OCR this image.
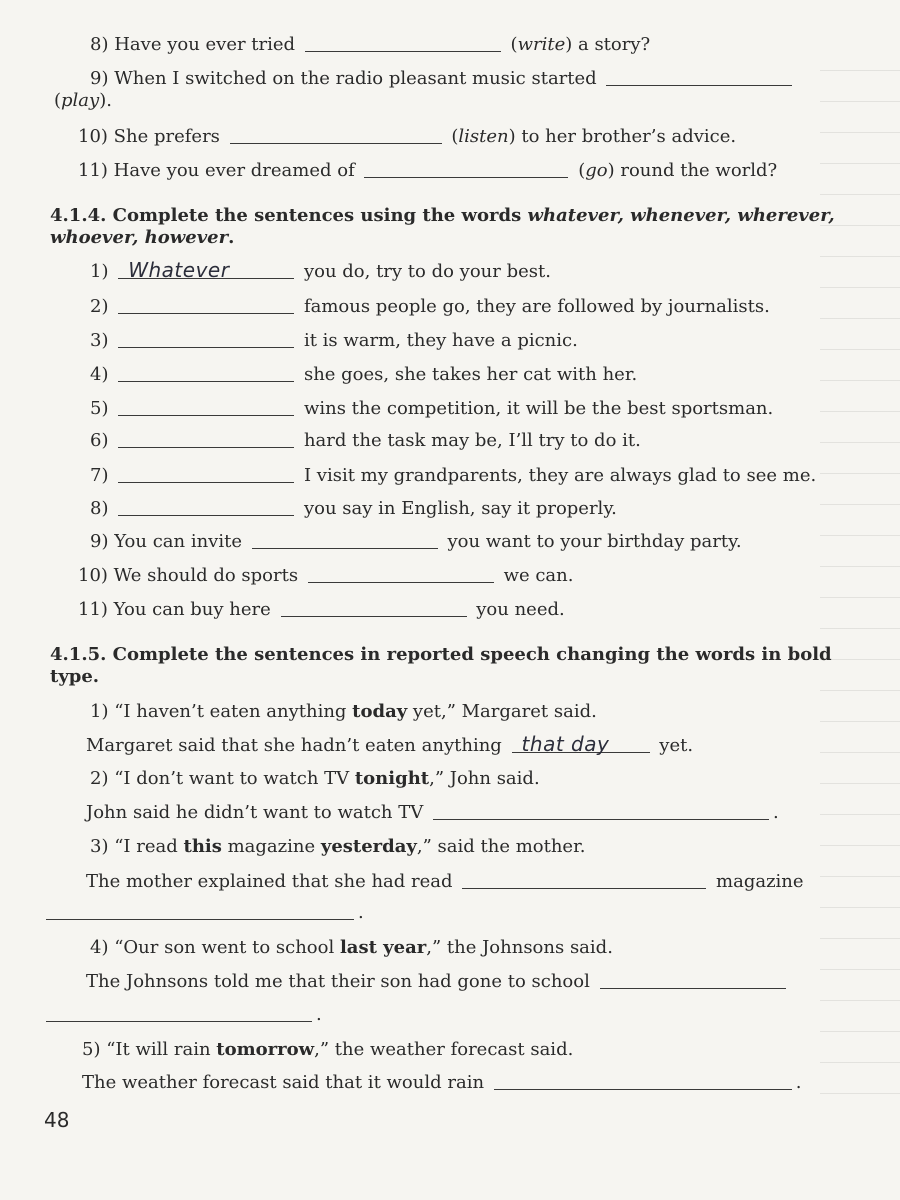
8) Have you ever tried	(write) a story?
9) When I switched on the radio pleasant music started
(play).
10) She prefers	(listen) to her brother’s advice.
11) Have you ever dreamed of	(go) round the world?
4.1.4. Complete the sentences using the words whatever, whenever, wherever, whoever, however.
1) Whatever	you do, try to do your best.
2)	famous people go, they are followed by journalists.
3)	it is warm, they have a picnic.
4)	she goes, she takes her cat with her.
5)	wins the competition, it will be the best sportsman.
6)	hard the task may be, I’ll try to do it.
7)	I visit my grandparents, they are always glad to see me.
8)	you say in English, say it properly.
9) You can invite	you want to your birthday party.
10) We should do sports	we can.
11) You can buy here	you need.
4.1.5. Complete the sentences in reported speech changing the words in bold type.
1) “I haven’t eaten anything today yet,” Margaret said.
Margaret said that she hadn’t eaten anything that day	yet.
2) “I don’t want to watch TV tonight,” John said.
John said he didn’t want to watch TV	.
3) “I read this magazine yesterday,” said the mother.
The mother explained that she had read	magazine
.
4) “Our son went to school last year,” the Johnsons said.
The Johnsons told me that their son had gone to school
.
5) “It will rain tomorrow,” the weather forecast said.
The weather forecast said that it would rain	.
48
